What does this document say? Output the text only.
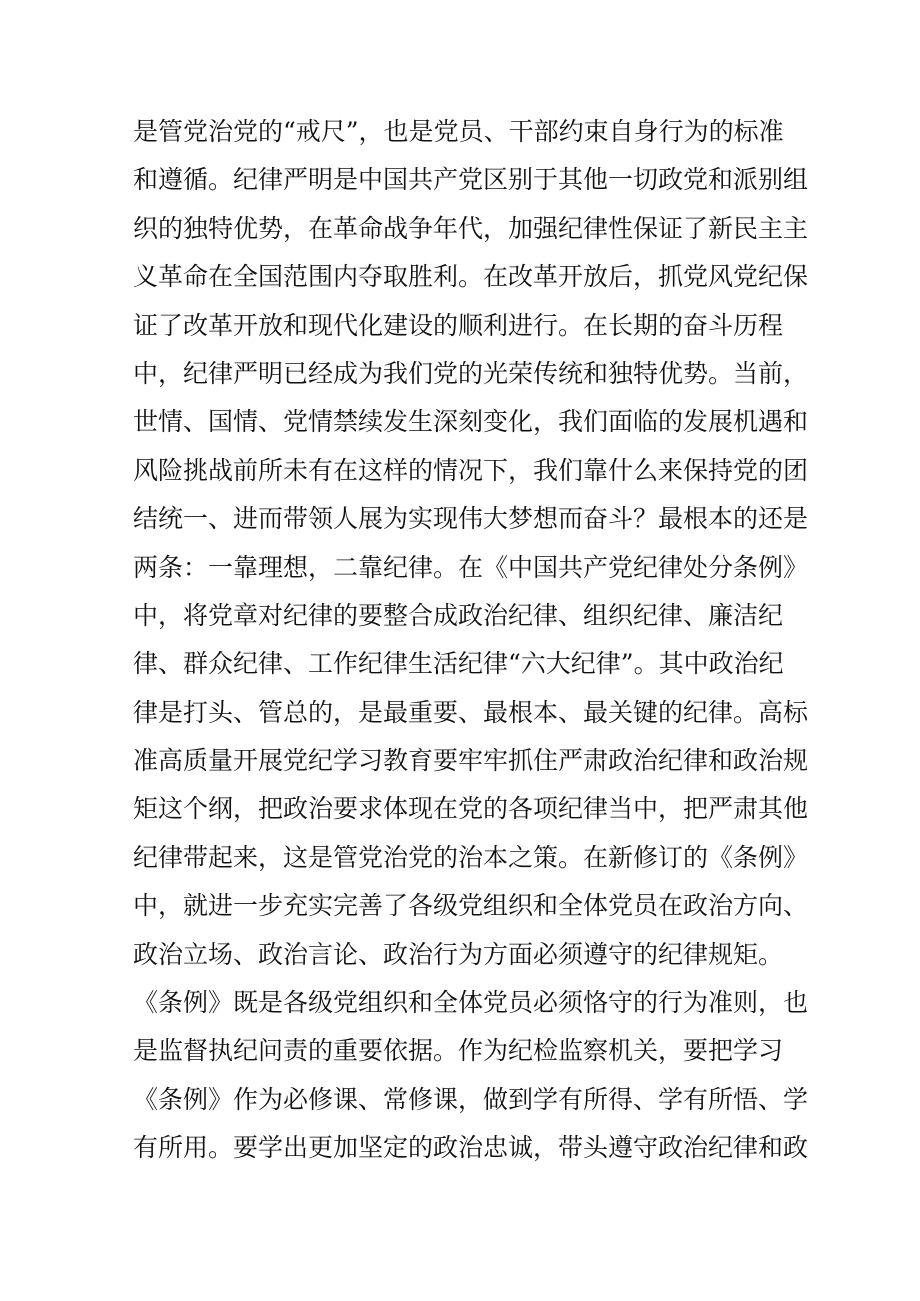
是管党治党的“戒尺”，也是党员、干部约束自身行为的标准
和遵循。纪律严明是中国共产党区别于其他一切政党和派别组
织的独特优势，在革命战争年代，加强纪律性保证了新民主主
义革命在全国范围内夺取胜利。在改革开放后，抓党风党纪保
证了改革开放和现代化建设的顺利进行。在长期的奋斗历程
中，纪律严明已经成为我们党的光荣传统和独特优势。当前，
世情、国情、党情禁续发生深刻变化，我们面临的发展机遇和
风险挑战前所未有在这样的情况下，我们靠什么来保持党的团
结统一、进而带领人展为实现伟大梦想而奋斗？最根本的还是
两条：一靠理想，二靠纪律。在《中国共产党纪律处分条例》
中，将党章对纪律的要整合成政治纪律、组织纪律、廉洁纪
律、群众纪律、工作纪律生活纪律“六大纪律”。其中政治纪
律是打头、管总的，是最重要、最根本、最关键的纪律。高标
准高质量开展党纪学习教育要牢牢抓住严肃政治纪律和政治规
矩这个纲，把政治要求体现在党的各项纪律当中，把严肃其他
纪律带起来，这是管党治党的治本之策。在新修订的《条例》
中，就进一步充实完善了各级党组织和全体党员在政治方向、
政治立场、政治言论、政治行为方面必须遵守的纪律规矩。
《条例》既是各级党组织和全体党员必须恪守的行为准则，也
是监督执纪问责的重要依据。作为纪检监察机关，要把学习
《条例》作为必修课、常修课，做到学有所得、学有所悟、学
有所用。要学出更加坚定的政治忠诚，带头遵守政治纪律和政
